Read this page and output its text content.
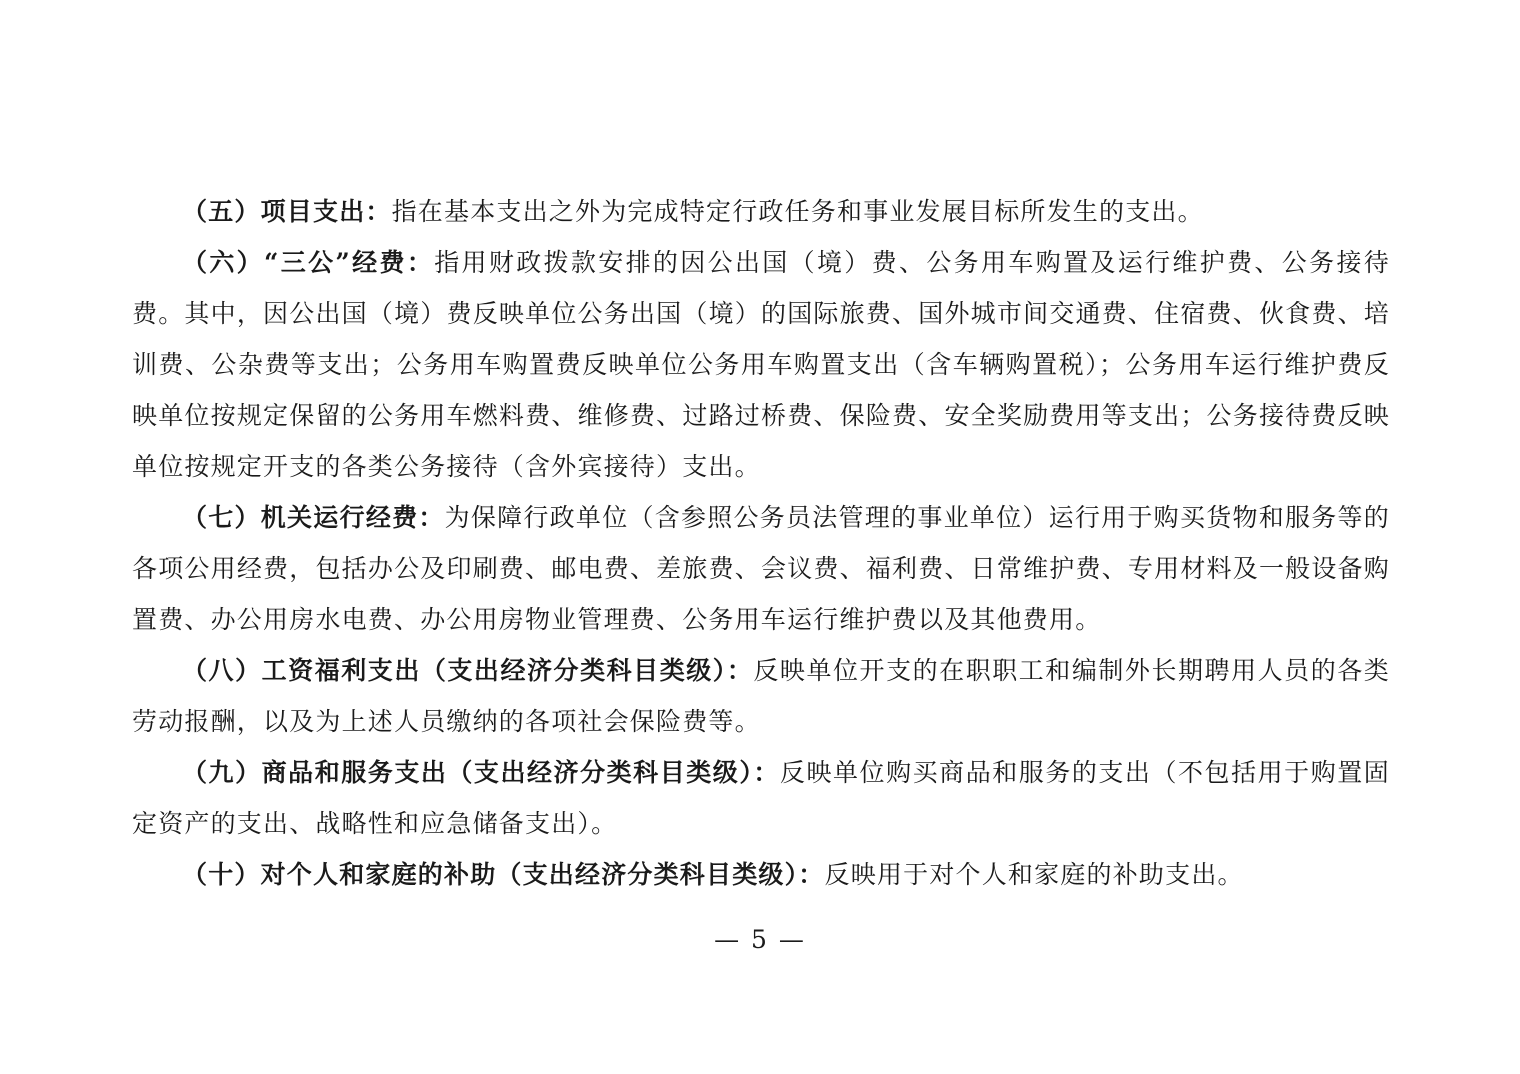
（五）项目支出：指在基本支出之外为完成特定行政任务和事业发展目标所发生的支出。

（六）“三公”经费：指用财政拨款安排的因公出国（境）费、公务用车购置及运行维护费、公务接待费。其中，因公出国（境）费反映单位公务出国（境）的国际旅费、国外城市间交通费、住宿费、伙食费、培训费、公杂费等支出；公务用车购置费反映单位公务用车购置支出（含车辆购置税）；公务用车运行维护费反映单位按规定保留的公务用车燃料费、维修费、过路过桥费、保险费、安全奖励费用等支出；公务接待费反映单位按规定开支的各类公务接待（含外宾接待）支出。

（七）机关运行经费：为保障行政单位（含参照公务员法管理的事业单位）运行用于购买货物和服务等的各项公用经费，包括办公及印刷费、邮电费、差旅费、会议费、福利费、日常维护费、专用材料及一般设备购置费、办公用房水电费、办公用房物业管理费、公务用车运行维护费以及其他费用。

（八）工资福利支出（支出经济分类科目类级）：反映单位开支的在职职工和编制外长期聘用人员的各类劳动报酬，以及为上述人员缴纳的各项社会保险费等。

（九）商品和服务支出（支出经济分类科目类级）：反映单位购买商品和服务的支出（不包括用于购置固定资产的支出、战略性和应急储备支出）。

（十）对个人和家庭的补助（支出经济分类科目类级）：反映用于对个人和家庭的补助支出。

— 5 —
